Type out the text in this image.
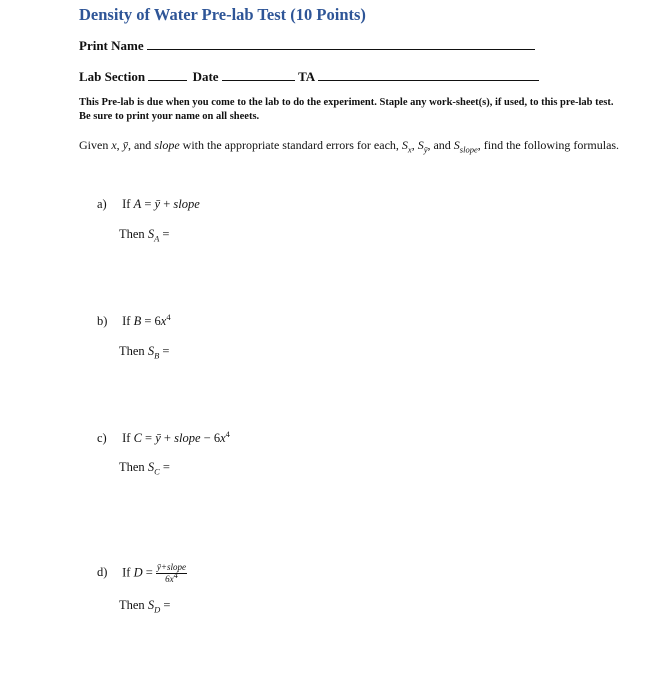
Density of Water Pre-lab Test (10 Points)
Print Name
Lab Section	Date	TA
This Pre-lab is due when you come to the lab to do the experiment. Staple any work-sheet(s), if used, to this pre-lab test. Be sure to print your name on all sheets.
Given x, ȳ, and slope with the appropriate standard errors for each, $S_x$, $S_ȳ$, and $S_{slope}$, find the following formulas.
a) If A = ȳ + slope
Then $S_A$ =
b) If $B = 6x^4$
Then $S_B$ =
c) If C = ȳ + slope − $6x^4$
Then $S_C$ =
d) If $D = \frac{\text{ȳ+slope}}{6x^4}$
Then $S_D$ =
